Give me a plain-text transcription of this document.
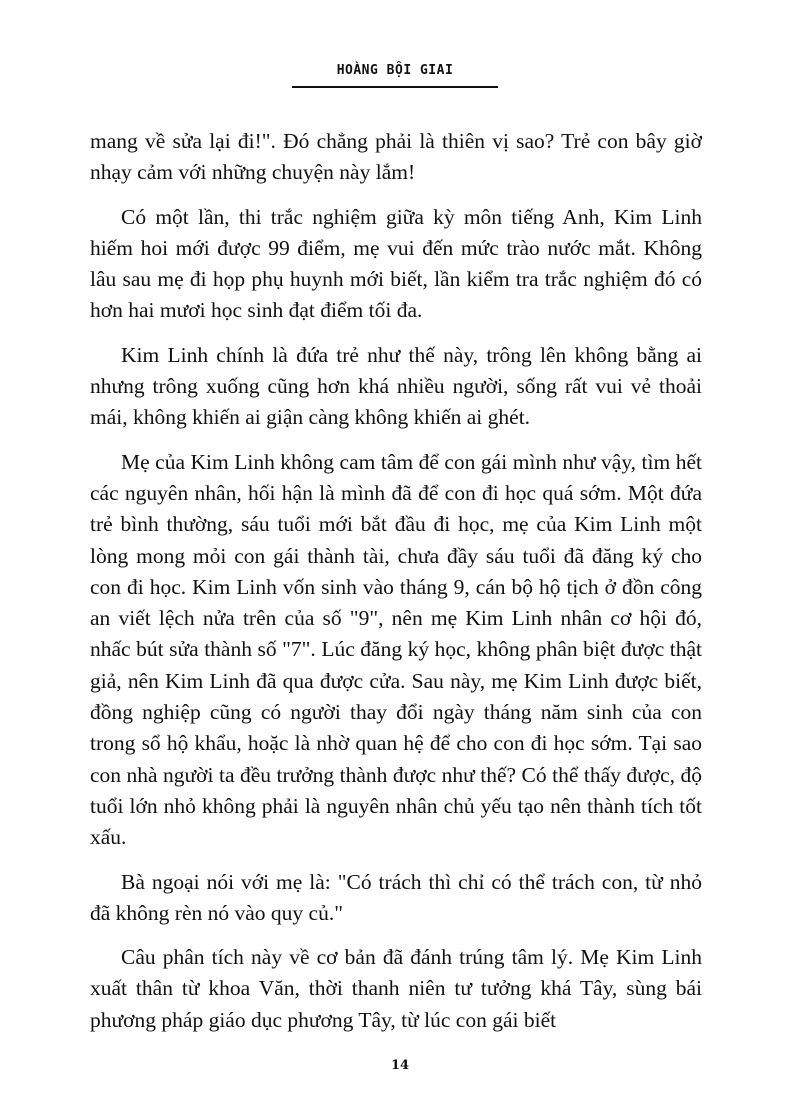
HOÀNG BỘI GIAI

mang về sửa lại đi!". Đó chẳng phải là thiên vị sao? Trẻ con bây giờ nhạy cảm với những chuyện này lắm!

Có một lần, thi trắc nghiệm giữa kỳ môn tiếng Anh, Kim Linh hiếm hoi mới được 99 điểm, mẹ vui đến mức trào nước mắt. Không lâu sau mẹ đi họp phụ huynh mới biết, lần kiểm tra trắc nghiệm đó có hơn hai mươi học sinh đạt điểm tối đa.

Kim Linh chính là đứa trẻ như thế này, trông lên không bằng ai nhưng trông xuống cũng hơn khá nhiều người, sống rất vui vẻ thoải mái, không khiến ai giận càng không khiến ai ghét.

Mẹ của Kim Linh không cam tâm để con gái mình như vậy, tìm hết các nguyên nhân, hối hận là mình đã để con đi học quá sớm. Một đứa trẻ bình thường, sáu tuổi mới bắt đầu đi học, mẹ của Kim Linh một lòng mong mỏi con gái thành tài, chưa đầy sáu tuổi đã đăng ký cho con đi học. Kim Linh vốn sinh vào tháng 9, cán bộ hộ tịch ở đồn công an viết lệch nửa trên của số "9", nên mẹ Kim Linh nhân cơ hội đó, nhấc bút sửa thành số "7". Lúc đăng ký học, không phân biệt được thật giả, nên Kim Linh đã qua được cửa. Sau này, mẹ Kim Linh được biết, đồng nghiệp cũng có người thay đổi ngày tháng năm sinh của con trong sổ hộ khẩu, hoặc là nhờ quan hệ để cho con đi học sớm. Tại sao con nhà người ta đều trưởng thành được như thế? Có thể thấy được, độ tuổi lớn nhỏ không phải là nguyên nhân chủ yếu tạo nên thành tích tốt xấu.

Bà ngoại nói với mẹ là: "Có trách thì chỉ có thể trách con, từ nhỏ đã không rèn nó vào quy củ."

Câu phân tích này về cơ bản đã đánh trúng tâm lý. Mẹ Kim Linh xuất thân từ khoa Văn, thời thanh niên tư tưởng khá Tây, sùng bái phương pháp giáo dục phương Tây, từ lúc con gái biết

14
